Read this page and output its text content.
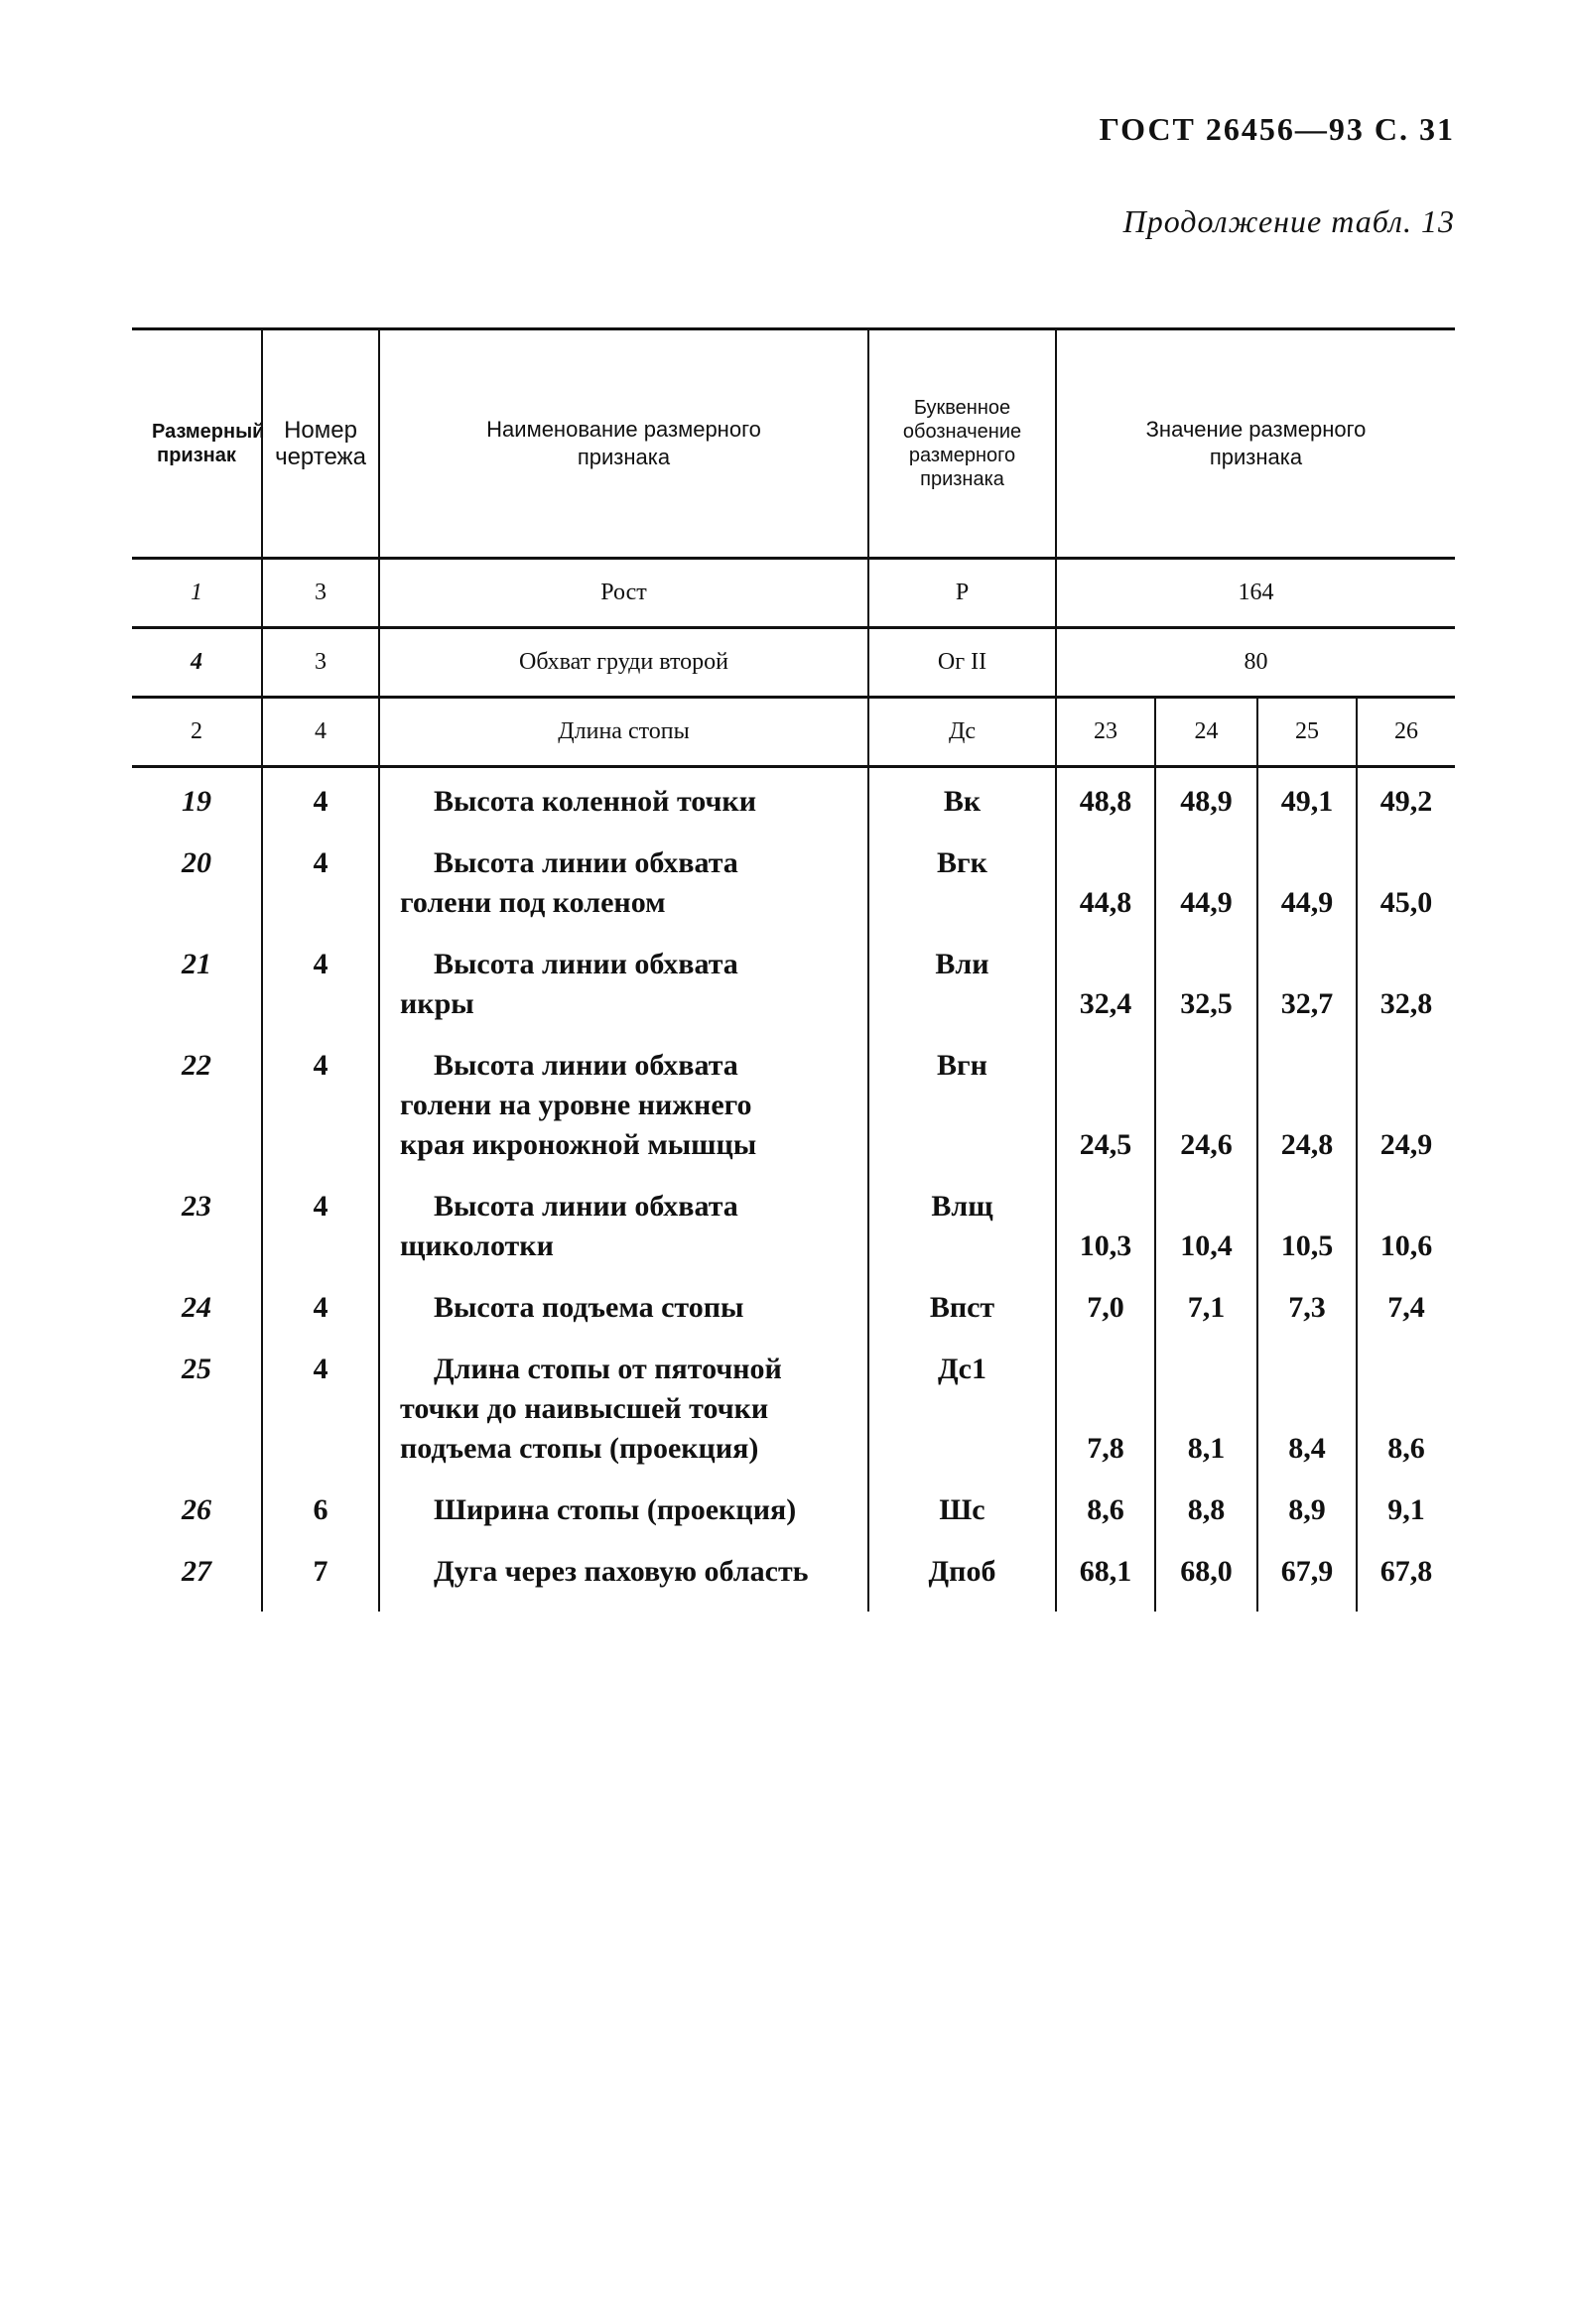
ГОСТ 26456—93 С. 31
Продолжение табл. 13
Размерный признак	Номер чертежа	Наименование размерного признака	Буквенное обозначение размерного признака	Значение размерного признака			
1	3	Рост	Р	164			
4	3	Обхват груди второй	Ог II	80			
2	4	Длина стопы	Дс	23	24	25	26
19	4	Высота коленной точки	Вк	48,8	48,9	49,1	49,2
20	4	Высота линии обхвата голени под коленом	Вгк	44,8	44,9	44,9	45,0
21	4	Высота линии обхвата икры	Вли	32,4	32,5	32,7	32,8
22	4	Высота линии обхвата голени на уровне нижнего края икроножной мышцы	Вгн	24,5	24,6	24,8	24,9
23	4	Высота линии обхвата щиколотки	Влщ	10,3	10,4	10,5	10,6
24	4	Высота подъема стопы	Впст	7,0	7,1	7,3	7,4
25	4	Длина стопы от пяточной точки до наивысшей точки подъема стопы (проекция)	Дс1	7,8	8,1	8,4	8,6
26	6	Ширина стопы (проекция)	Шс	8,6	8,8	8,9	9,1
27	7	Дуга через паховую область	Дпоб	68,1	68,0	67,9	67,8
